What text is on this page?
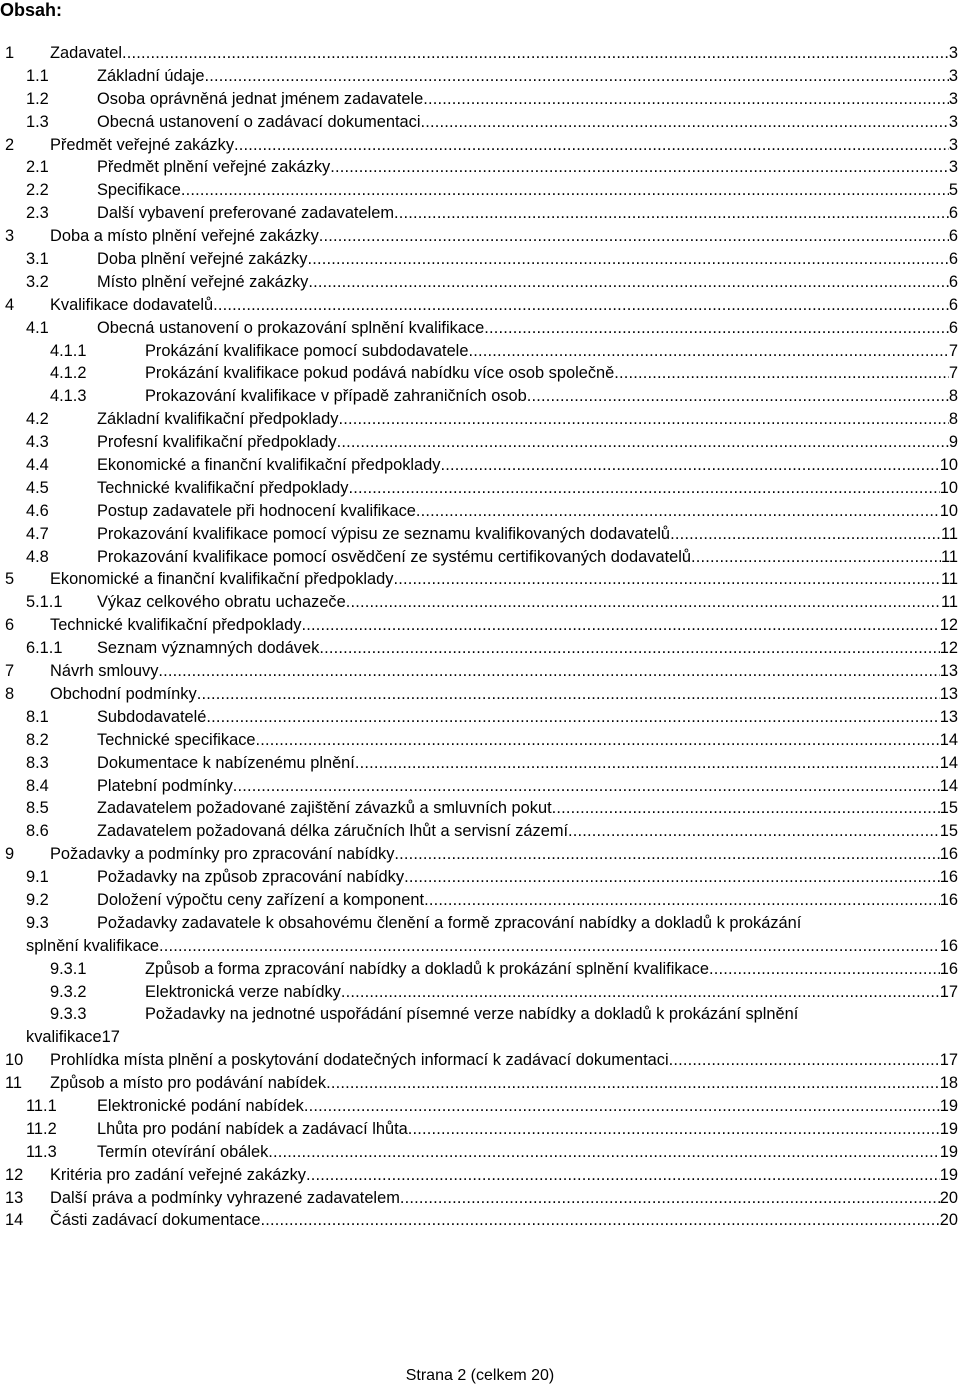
Obsah:
1 Zadavatel .....	3
1.1	Základní údaje .....	3
1.2	Osoba oprávněná jednat jménem zadavatele .....	3
1.3	Obecná ustanovení o zadávací dokumentaci .....	3
2 Předmět veřejné zakázky .....	3
2.1	Předmět plnění veřejné zakázky .....	3
2.2	Specifikace .....	5
2.3	Další vybavení preferované zadavatelem .....	6
3 Doba a místo plnění veřejné zakázky .....	6
3.1	Doba plnění veřejné zakázky .....	6
3.2	Místo plnění veřejné zakázky .....	6
4 Kvalifikace dodavatelů .....	6
4.1	Obecná ustanovení o prokazování splnění kvalifikace .....	6
4.1.1	Prokázání kvalifikace pomocí subdodavatele .....	7
4.1.2	Prokázání kvalifikace pokud podává nabídku více osob společně .....	7
4.1.3	Prokazování kvalifikace v případě zahraničních osob .....	8
4.2	Základní kvalifikační předpoklady .....	8
4.3	Profesní kvalifikační předpoklady .....	9
4.4	Ekonomické a finanční kvalifikační předpoklady .....	10
4.5	Technické kvalifikační předpoklady .....	10
4.6	Postup zadavatele při hodnocení kvalifikace .....	10
4.7	Prokazování kvalifikace pomocí výpisu ze seznamu kvalifikovaných dodavatelů .....	11
4.8	Prokazování kvalifikace pomocí osvědčení ze systému certifikovaných dodavatelů .....	11
5 Ekonomické a finanční kvalifikační předpoklady .....	11
5.1.1 Výkaz celkového obratu uchazeče .....	11
6 Technické kvalifikační předpoklady .....	12
6.1.1 Seznam významných dodávek .....	12
7 Návrh smlouvy .....	13
8 Obchodní podmínky .....	13
8.1	Subdodavatelé .....	13
8.2	Technické specifikace .....	14
8.3	Dokumentace k nabízenému plnění .....	14
8.4	Platební podmínky .....	14
8.5	Zadavatelem požadované zajištění závazků a smluvních pokut .....	15
8.6	Zadavatelem požadovaná délka záručních lhůt a servisní zázemí .....	15
9 Požadavky a podmínky pro zpracování nabídky .....	16
9.1	Požadavky na způsob zpracování nabídky .....	16
9.2	Doložení výpočtu ceny zařízení a komponent .....	16
9.3	Požadavky zadavatele k obsahovému členění a formě zpracování nabídky a dokladů k prokázání
splnění kvalifikace .....	16
9.3.1	Způsob a forma zpracování nabídky a dokladů k prokázání splnění kvalifikace .....	16
9.3.2	Elektronická verze nabídky .....	17
9.3.3	Požadavky na jednotné uspořádání písemné verze nabídky a dokladů k prokázání splnění
kvalifikace 17
10 Prohlídka místa plnění a poskytování dodatečných informací k zadávací dokumentaci .....	17
11 Způsob a místo pro podávání nabídek .....	18
11.1 Elektronické podání nabídek .....	19
11.2 Lhůta pro podání nabídek a zadávací lhůta .....	19
11.3 Termín otevírání obálek .....	19
12 Kritéria pro zadání veřejné zakázky .....	19
13 Další práva a podmínky vyhrazené zadavatelem .....	20
14 Části zadávací dokumentace .....	20
Strana 2 (celkem 20)
